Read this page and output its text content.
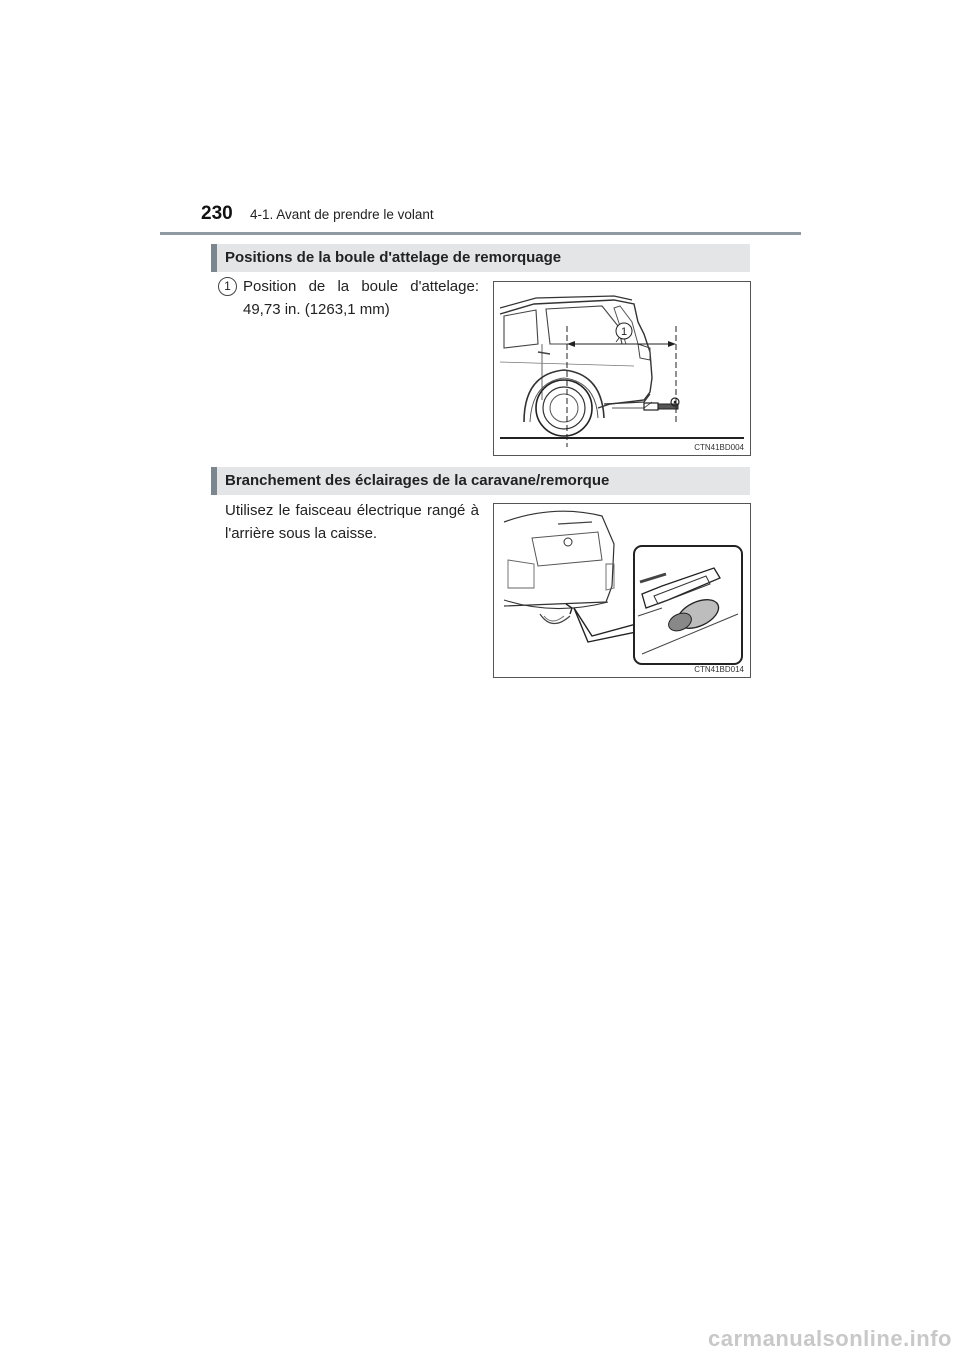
230 4-1. Avant de prendre le volant
Positions de la boule d'attelage de remorquage
1 Position de la boule d'attelage:
49,73 in. (1263,1 mm)
1
CTN41BD004
Branchement des éclairages de la caravane/remorque
Utilisez le faisceau électrique rangé à l'arrière sous la caisse.
CTN41BD014
carmanualsonline.info
